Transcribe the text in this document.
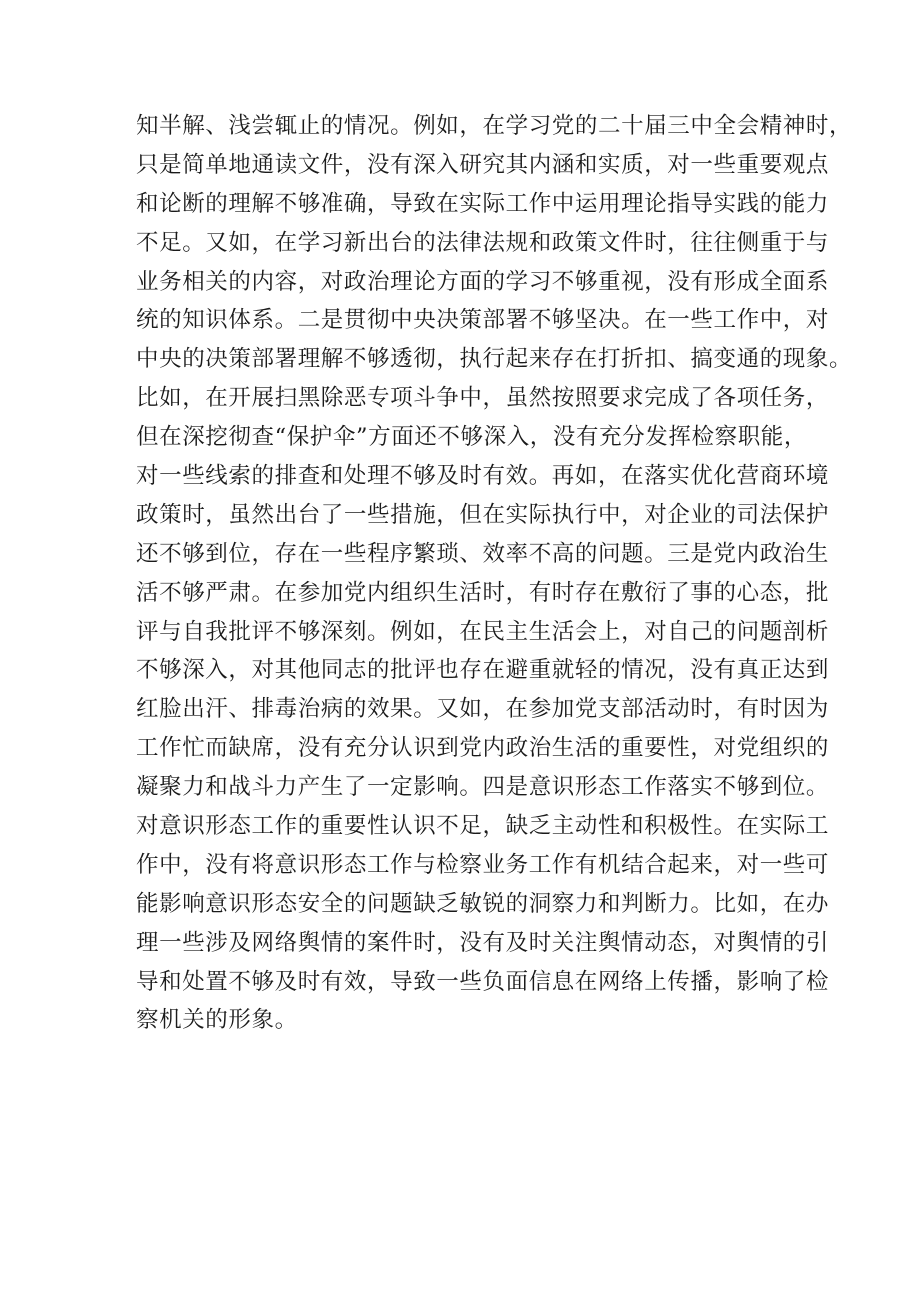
知半解、浅尝辄止的情况。例如，在学习党的二十届三中全会精神时，
只是简单地通读文件，没有深入研究其内涵和实质，对一些重要观点
和论断的理解不够准确，导致在实际工作中运用理论指导实践的能力
不足。又如，在学习新出台的法律法规和政策文件时，往往侧重于与
业务相关的内容，对政治理论方面的学习不够重视，没有形成全面系
统的知识体系。二是贯彻中央决策部署不够坚决。在一些工作中，对
中央的决策部署理解不够透彻，执行起来存在打折扣、搞变通的现象。
比如，在开展扫黑除恶专项斗争中，虽然按照要求完成了各项任务，
但在深挖彻查“保护伞”方面还不够深入，没有充分发挥检察职能，
对一些线索的排查和处理不够及时有效。再如，在落实优化营商环境
政策时，虽然出台了一些措施，但在实际执行中，对企业的司法保护
还不够到位，存在一些程序繁琐、效率不高的问题。三是党内政治生
活不够严肃。在参加党内组织生活时，有时存在敷衍了事的心态，批
评与自我批评不够深刻。例如，在民主生活会上，对自己的问题剖析
不够深入，对其他同志的批评也存在避重就轻的情况，没有真正达到
红脸出汗、排毒治病的效果。又如，在参加党支部活动时，有时因为
工作忙而缺席，没有充分认识到党内政治生活的重要性，对党组织的
凝聚力和战斗力产生了一定影响。四是意识形态工作落实不够到位。
对意识形态工作的重要性认识不足，缺乏主动性和积极性。在实际工
作中，没有将意识形态工作与检察业务工作有机结合起来，对一些可
能影响意识形态安全的问题缺乏敏锐的洞察力和判断力。比如，在办
理一些涉及网络舆情的案件时，没有及时关注舆情动态，对舆情的引
导和处置不够及时有效，导致一些负面信息在网络上传播，影响了检
察机关的形象。
